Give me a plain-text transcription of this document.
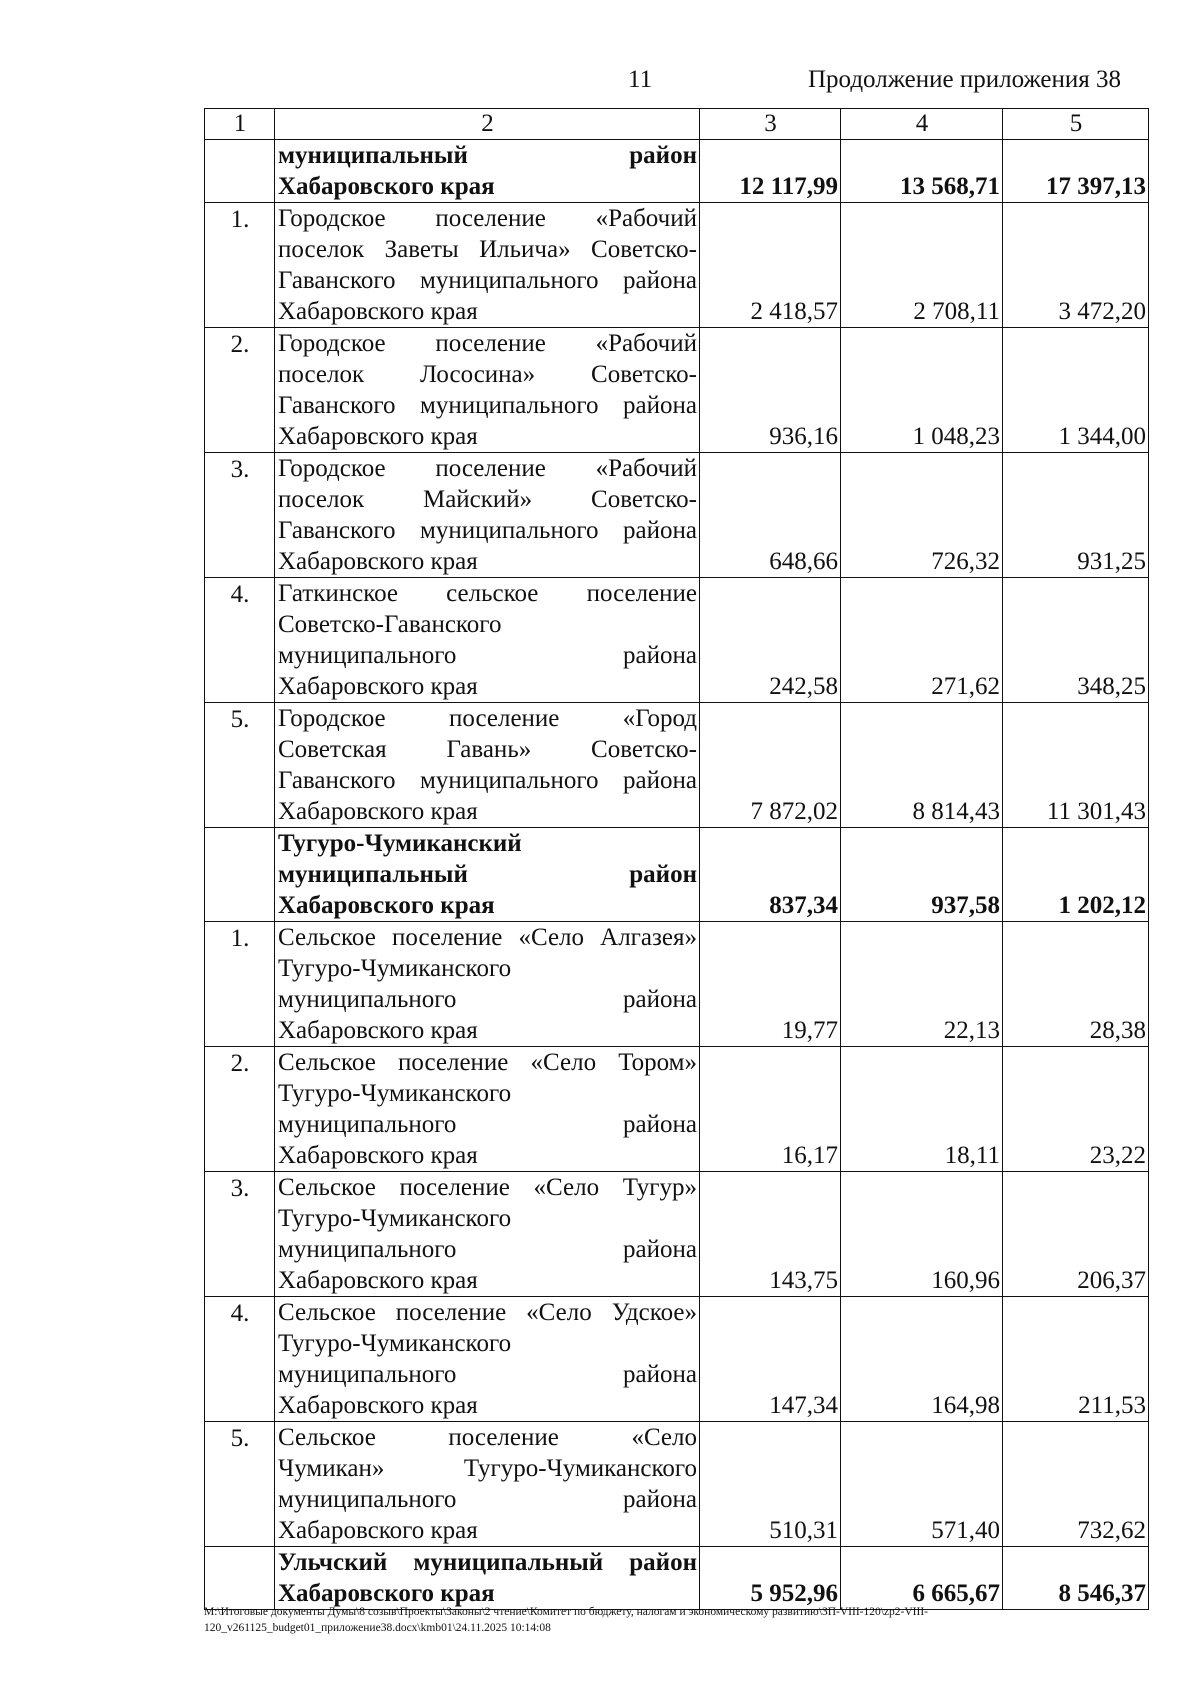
11	Продолжение приложения 38
1	2	3	4	5

	муниципальный район
Хабаровского края	12 117,99	13 568,71	17 397,13
1.	Городское поселение «Рабочий
поселок Заветы Ильича» Советско-
Гаванского муниципального района
Хабаровского края	2 418,57	2 708,11	3 472,20
2.	Городское поселение «Рабочий
поселок Лососина» Советско-
Гаванского муниципального района
Хабаровского края	936,16	1 048,23	1 344,00
3.	Городское поселение «Рабочий
поселок Майский» Советско-
Гаванского муниципального района
Хабаровского края	648,66	726,32	931,25
4.	Гаткинское сельское поселение
Советско-Гаванского
муниципального района
Хабаровского края	242,58	271,62	348,25
5.	Городское поселение «Город
Советская Гавань» Советско-
Гаванского муниципального района
Хабаровского края	7 872,02	8 814,43	11 301,43

	Тугуро-Чумиканский
муниципальный район
Хабаровского края	837,34	937,58	1 202,12
1.	Сельское поселение «Село Алгазея»
Тугуро-Чумиканского
муниципального района
Хабаровского края	19,77	22,13	28,38
2.	Сельское поселение «Село Тором»
Тугуро-Чумиканского
муниципального района
Хабаровского края	16,17	18,11	23,22
3.	Сельское поселение «Село Тугур»
Тугуро-Чумиканского
муниципального района
Хабаровского края	143,75	160,96	206,37
4.	Сельское поселение «Село Удское»
Тугуро-Чумиканского
муниципального района
Хабаровского края	147,34	164,98	211,53
5.	Сельское поселение «Село
Чумикан» Тугуро-Чумиканского
муниципального района
Хабаровского края	510,31	571,40	732,62

	Ульчский муниципальный район
Хабаровского края	5 952,96	6 665,67	8 546,37
M:\Итоговые документы Думы\8 созыв\Проекты\Законы\2 чтение\Комитет по бюджету, налогам и экономическому развитию\ЗП-VIII-120\zp2-VIII-120_v261125_budget01_приложение38.docx\kmb01\24.11.2025 10:14:08
